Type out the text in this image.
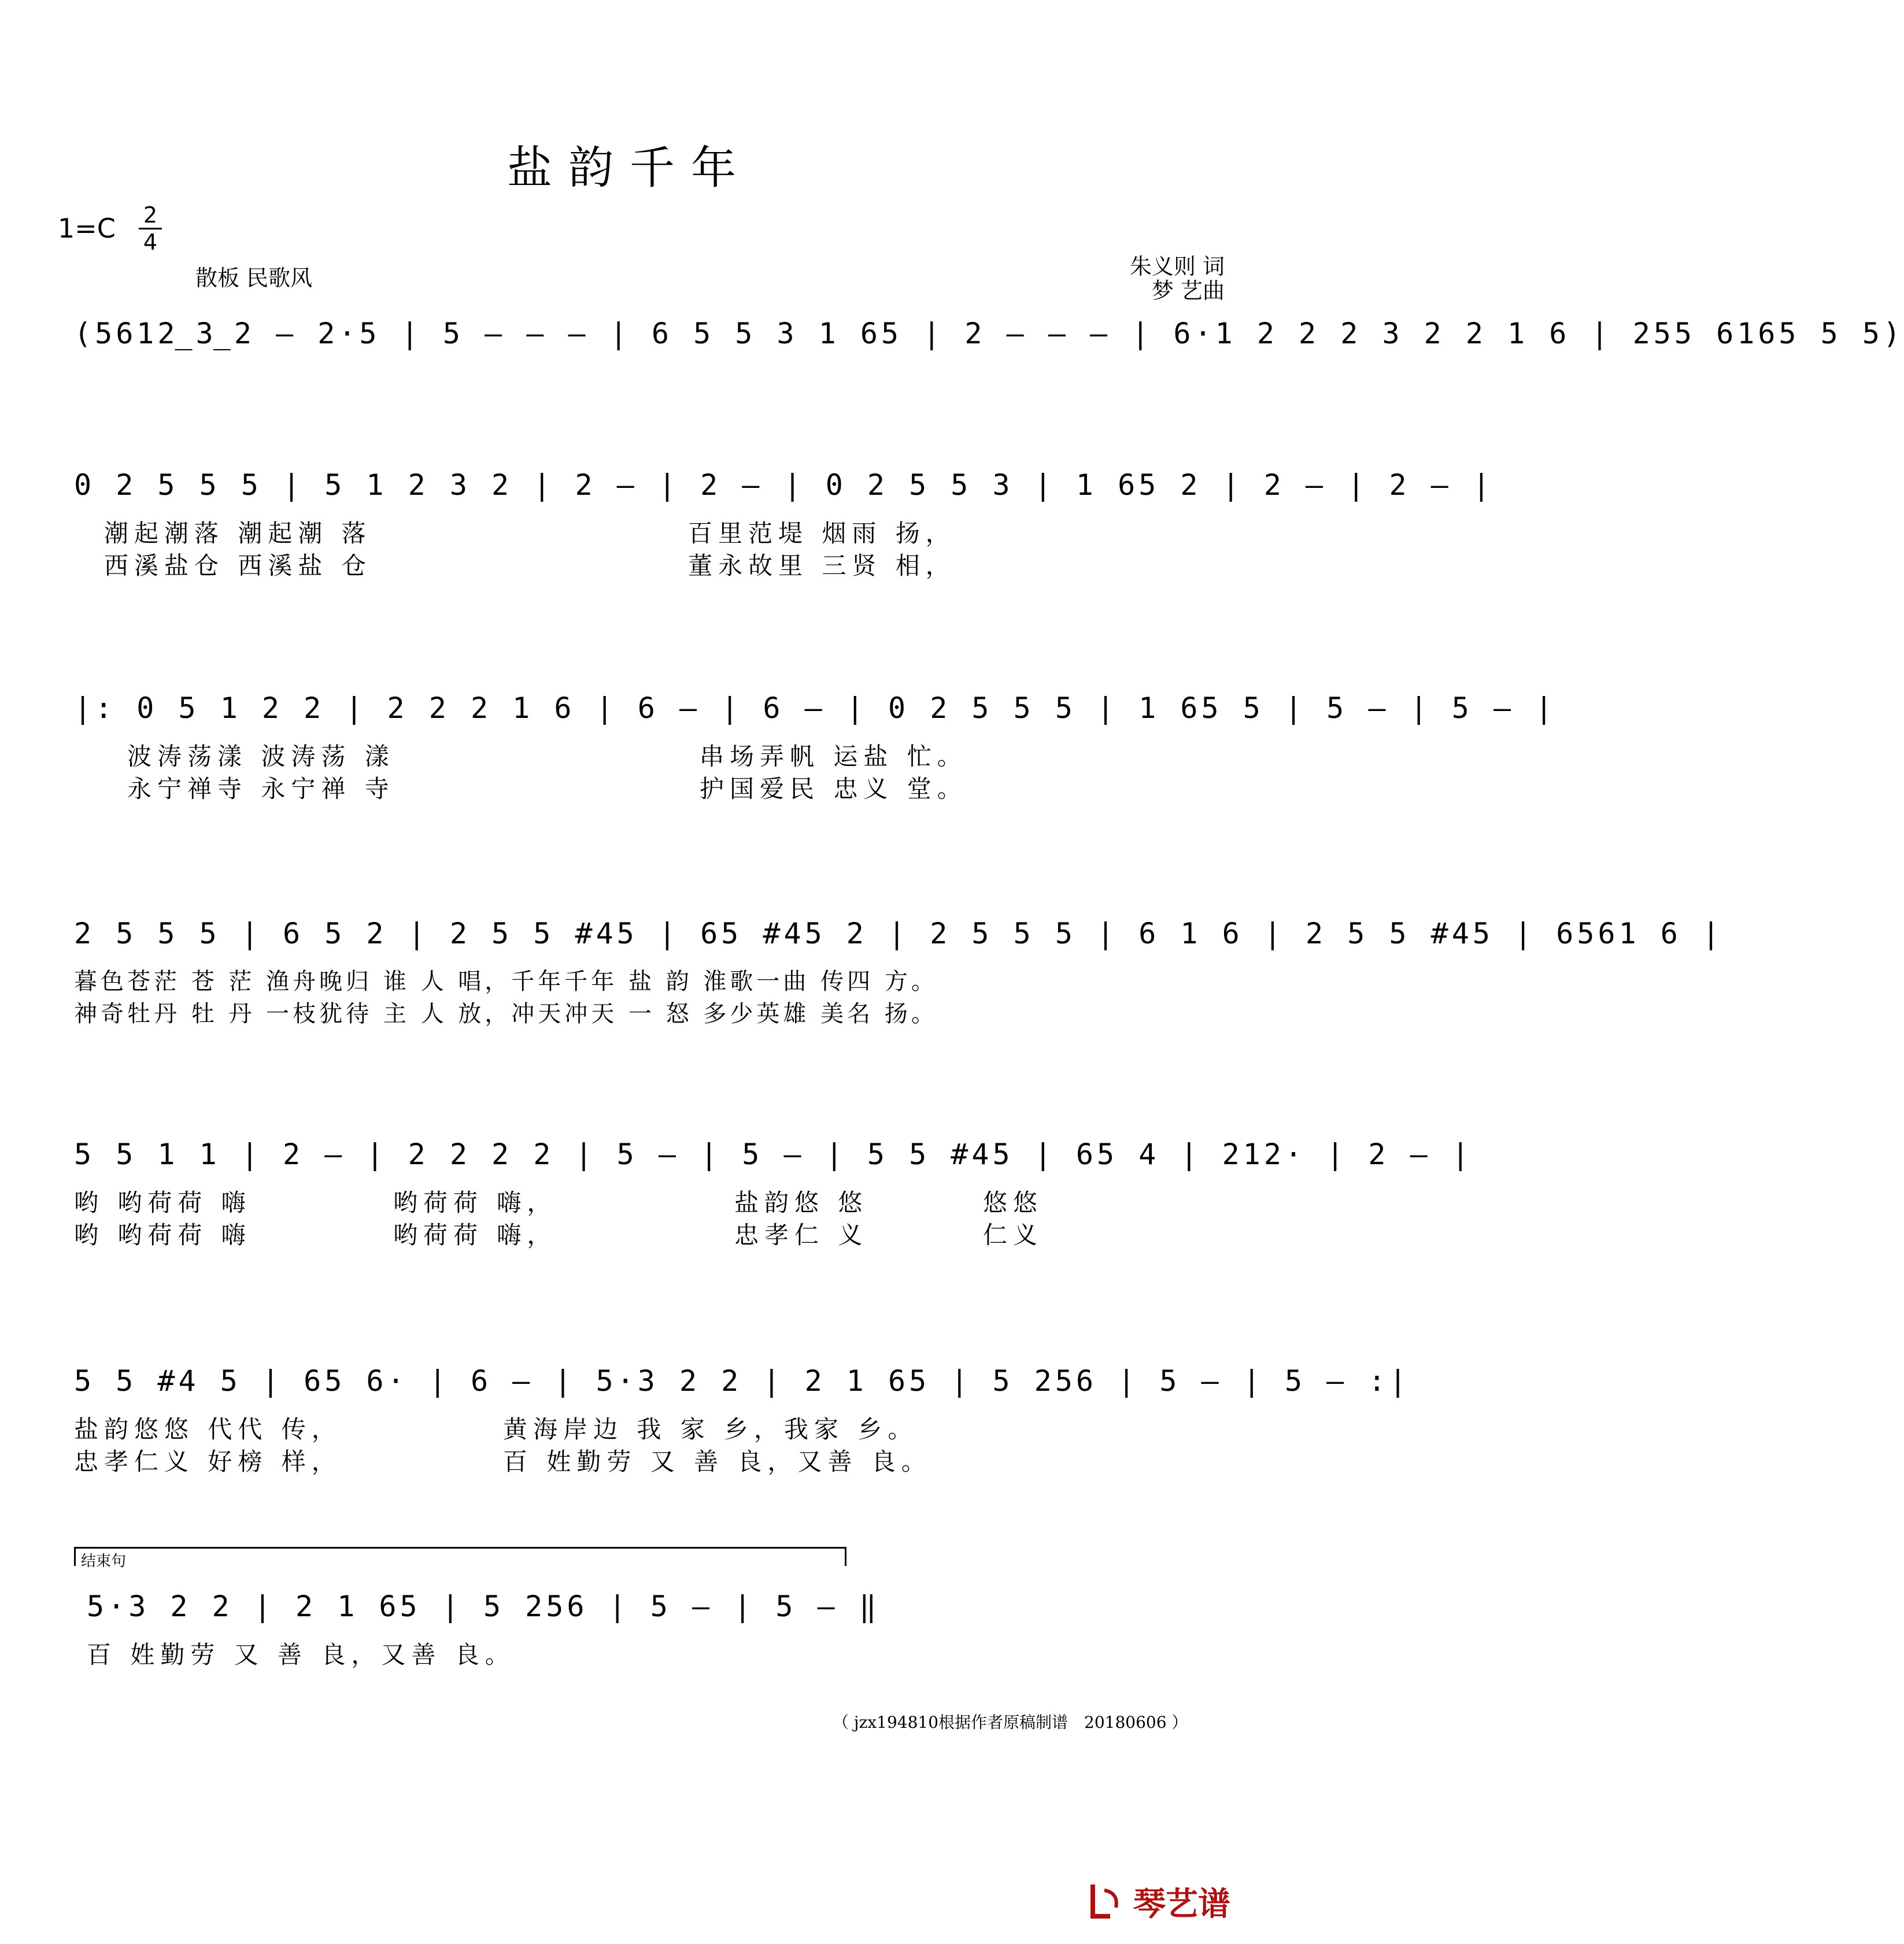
盐韵千年
1=C 2
4
散板 民歌风	朱义则 词
梦 艺曲
(5612̲3̲2 – 2·5 | 5 – – – | 6 5 5 3 1 65 | 2 – – – | 6·1 2 2 2 3 2 2 1 6 | 255 6165 5 5)
0 2 5 5 5 | 5 1 2 3 2 | 2 – | 2 – | 0 2 5 5 3 | 1 65 2 | 2 – | 2 – |
潮起潮落 潮起潮 落	百里范堤 烟雨 扬，
西溪盐仓 西溪盐 仓	董永故里 三贤 相，
|: 0 5 1 2 2 | 2 2 2 1 6 | 6 – | 6 – | 0 2 5 5 5 | 1 65 5 | 5 – | 5 – |
波涛荡漾 波涛荡 漾	串场弄帆 运盐 忙。
永宁禅寺 永宁禅 寺	护国爱民 忠义 堂。
2 5 5 5 | 6 5 2 | 2 5 5 #45 | 65 #45 2 | 2 5 5 5 | 6 1 6 | 2 5 5 #45 | 6561 6 |
暮色苍茫 苍 茫 渔舟晚归 谁 人 唱，千年千年 盐 韵 淮歌一曲 传四 方。
神奇牡丹 牡 丹 一枝犹待 主 人 放，冲天冲天 一 怒 多少英雄 美名 扬。
5 5 1 1 | 2 – | 2 2 2 2 | 5 – | 5 – | 5 5 #45 | 65 4 | 212· | 2 – |
哟 哟荷荷 嗨	哟荷荷 嗨，	盐韵悠 悠	悠悠
哟 哟荷荷 嗨	哟荷荷 嗨，	忠孝仁 义	仁义
5 5 #4 5 | 65 6· | 6 – | 5·3 2 2 | 2 1 65 | 5 256 | 5 – | 5 – :|
盐韵悠悠 代代 传，	黄海岸边 我 家 乡，我家 乡。
忠孝仁义 好榜 样，	百 姓勤劳 又 善 良，又善 良。
结束句
5·3 2 2 | 2 1 65 | 5 256 | 5 – | 5 – ‖
百 姓勤劳 又 善 良，又善 良。
（ jzx194810根据作者原稿制谱　20180606 ）
琴艺谱
